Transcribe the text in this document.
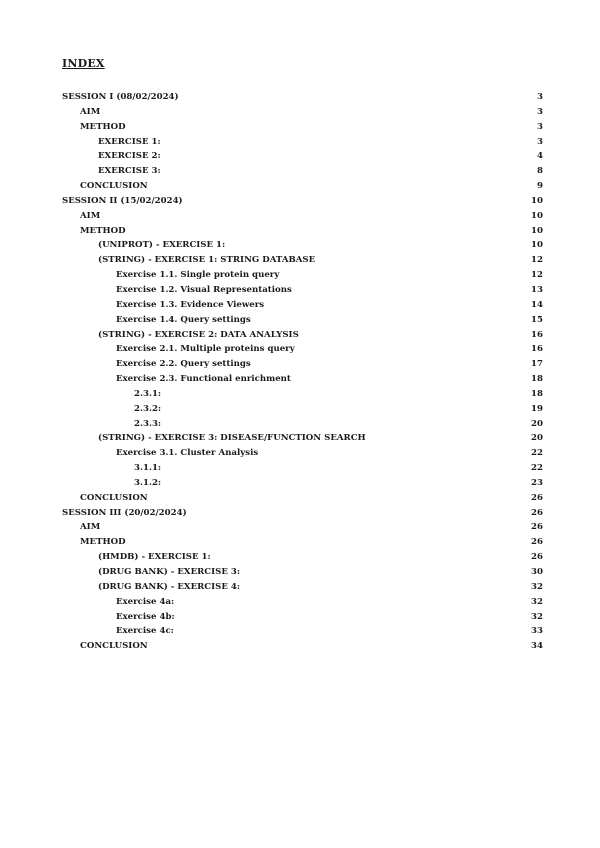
INDEX
SESSION I (08/02/2024)	3
AIM	3
METHOD	3
EXERCISE 1:	3
EXERCISE 2:	4
EXERCISE 3:	8
CONCLUSION	9
SESSION II (15/02/2024)	10
AIM	10
METHOD	10
(UNIPROT) - EXERCISE 1:	10
(STRING) - EXERCISE 1: STRING DATABASE	12
Exercise 1.1. Single protein query	12
Exercise 1.2. Visual Representations	13
Exercise 1.3. Evidence Viewers	14
Exercise 1.4. Query settings	15
(STRING) - EXERCISE 2: DATA ANALYSIS	16
Exercise 2.1. Multiple proteins query	16
Exercise 2.2. Query settings	17
Exercise 2.3. Functional enrichment	18
2.3.1:	18
2.3.2:	19
2.3.3:	20
(STRING) - EXERCISE 3: DISEASE/FUNCTION SEARCH	20
Exercise 3.1. Cluster Analysis	22
3.1.1:	22
3.1.2:	23
CONCLUSION	26
SESSION III (20/02/2024)	26
AIM	26
METHOD	26
(HMDB) - EXERCISE 1:	26
(DRUG BANK) - EXERCISE 3:	30
(DRUG BANK) - EXERCISE 4:	32
Exercise 4a:	32
Exercise 4b:	32
Exercise 4c:	33
CONCLUSION	34
